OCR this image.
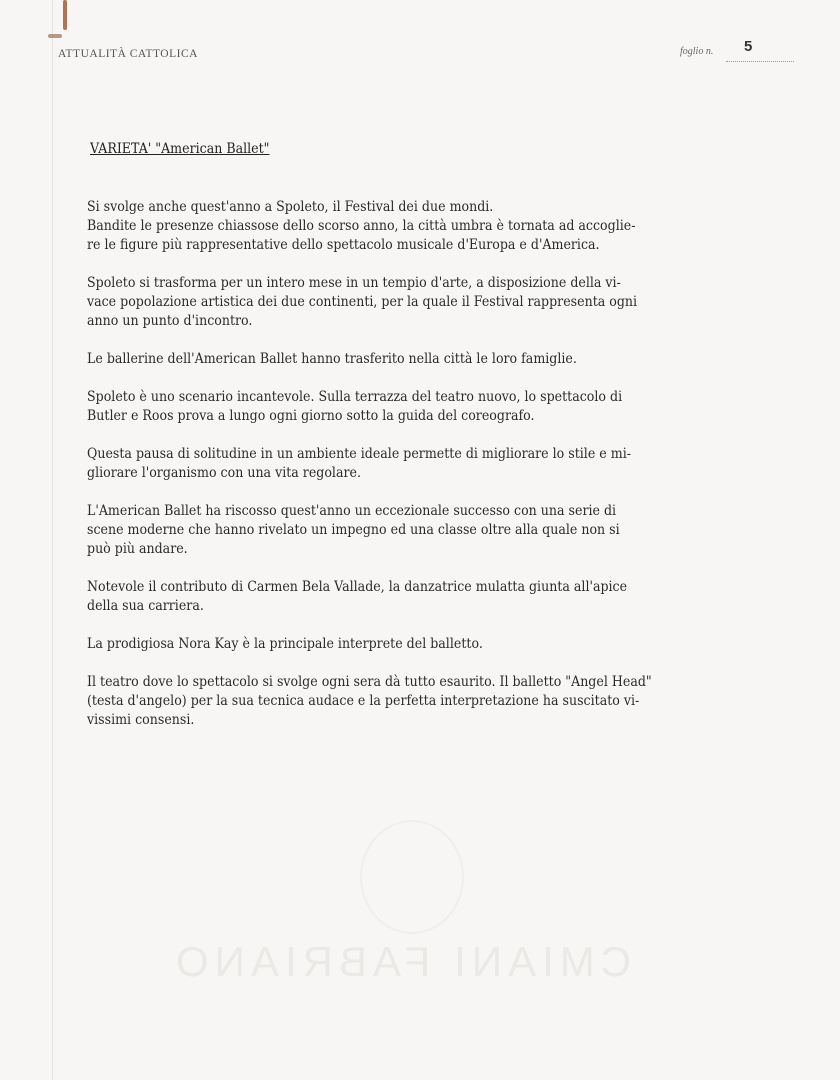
ATTUALITÀ CATTOLICA	foglio n.	5
VARIETA' "American Ballet"
Si svolge anche quest'anno a Spoleto, il Festival dei due mondi.
Bandite le presenze chiassose dello scorso anno, la città umbra è tornata ad accoglie-
re le figure più rappresentative dello spettacolo musicale d'Europa e d'America.
Spoleto si trasforma per un intero mese in un tempio d'arte, a disposizione della vi-
vace popolazione artistica dei due continenti, per la quale il Festival rappresenta ogni
anno un punto d'incontro.
Le ballerine dell'American Ballet hanno trasferito nella città le loro famiglie.
Spoleto è uno scenario incantevole. Sulla terrazza del teatro nuovo, lo spettacolo di
Butler e Roos prova a lungo ogni giorno sotto la guida del coreografo.
Questa pausa di solitudine in un ambiente ideale permette di migliorare lo stile e mi-
gliorare l'organismo con una vita regolare.
L'American Ballet ha riscosso quest'anno un eccezionale successo con una serie di
scene moderne che hanno rivelato un impegno ed una classe oltre alla quale non si
può più andare.
Notevole il contributo di Carmen Bela Vallade, la danzatrice mulatta giunta all'apice
della sua carriera.
La prodigiosa Nora Kay è la principale interprete del balletto.
Il teatro dove lo spettacolo si svolge ogni sera dà tutto esaurito. Il balletto "Angel Head"
(testa d'angelo) per la sua tecnica audace e la perfetta interpretazione ha suscitato vi-
vissimi consensi.
CMIANI FABRIANO
